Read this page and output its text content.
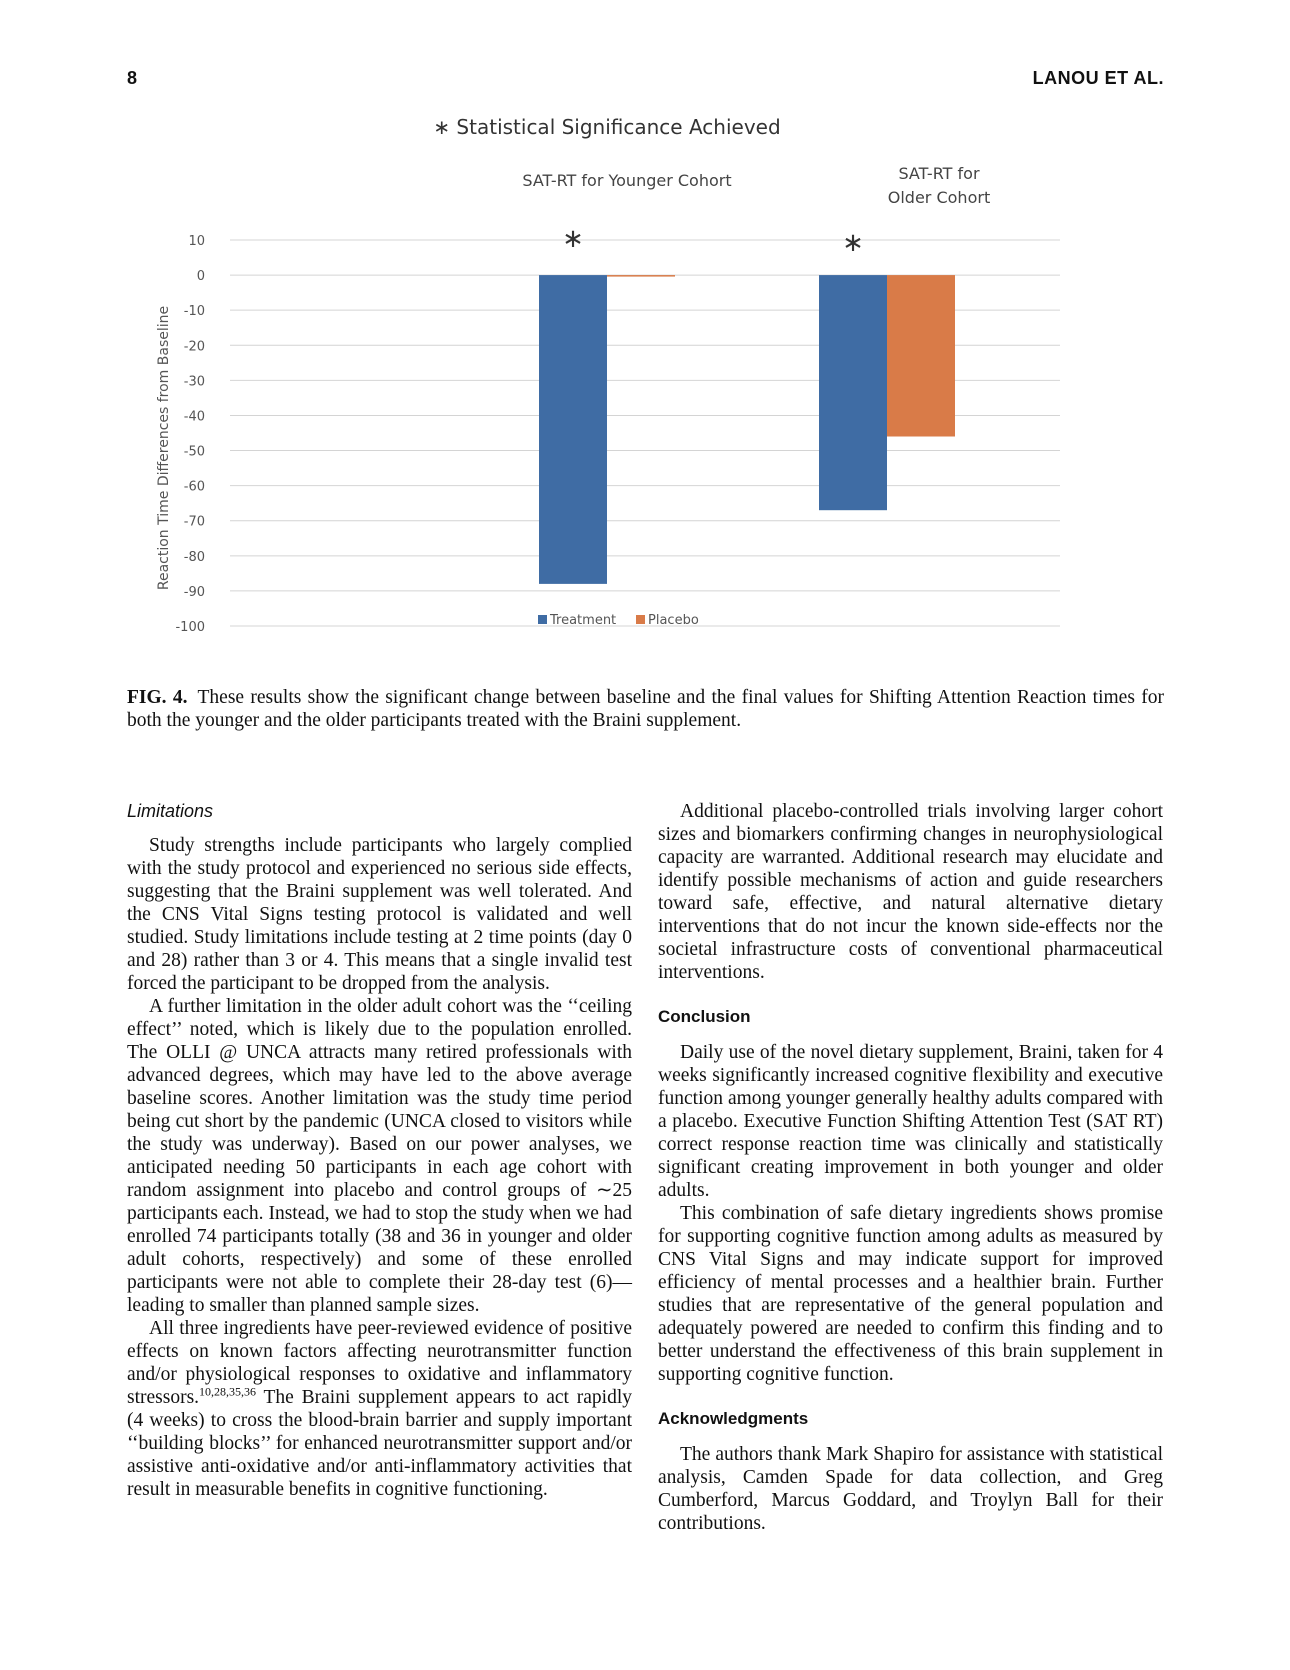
8	LANOU ET AL.
∗ Statistical Significance Achieved
10
0
-10
-20
-30
-40
-50
-60
-70
-80
-90
-100
Reaction Time Differences from Baseline
SAT-RT for Younger Cohort
∗
SAT-RT for
Older Cohort
∗
Treatment Placebo
FIG. 4. These results show the significant change between baseline and the final values for Shifting Attention Reaction times for both the younger and the older participants treated with the Braini supplement.
Limitations

Study strengths include participants who largely complied with the study protocol and experienced no serious side effects, suggesting that the Braini supplement was well tolerated. And the CNS Vital Signs testing protocol is validated and well studied. Study limitations include testing at 2 time points (day 0 and 28) rather than 3 or 4. This means that a single invalid test forced the participant to be dropped from the analysis.

A further limitation in the older adult cohort was the ‘‘ceiling effect’’ noted, which is likely due to the population enrolled. The OLLI @ UNCA attracts many retired professionals with advanced degrees, which may have led to the above average baseline scores. Another limitation was the study time period being cut short by the pandemic (UNCA closed to visitors while the study was underway). Based on our power analyses, we anticipated needing 50 participants in each age cohort with random assignment into placebo and control groups of ∼25 participants each. Instead, we had to stop the study when we had enrolled 74 participants totally (38 and 36 in younger and older adult cohorts, respectively) and some of these enrolled participants were not able to complete their 28-day test (6)—leading to smaller than planned sample sizes.

All three ingredients have peer-reviewed evidence of positive effects on known factors affecting neurotransmitter function and/or physiological responses to oxidative and inflammatory stressors.$^{10,28,35,36}$ The Braini supplement appears to act rapidly (4 weeks) to cross the blood-brain barrier and supply important ‘‘building blocks’’ for enhanced neurotransmitter support and/or assistive anti-oxidative and/or anti-inflammatory activities that result in measurable benefits in cognitive functioning.

Additional placebo-controlled trials involving larger cohort sizes and biomarkers confirming changes in neurophysiological capacity are warranted. Additional research may elucidate and identify possible mechanisms of action and guide researchers toward safe, effective, and natural alternative dietary interventions that do not incur the known side-effects nor the societal infrastructure costs of conventional pharmaceutical interventions.

Conclusion

Daily use of the novel dietary supplement, Braini, taken for 4 weeks significantly increased cognitive flexibility and executive function among younger generally healthy adults compared with a placebo. Executive Function Shifting Attention Test (SAT RT) correct response reaction time was clinically and statistically significant creating improvement in both younger and older adults.

This combination of safe dietary ingredients shows promise for supporting cognitive function among adults as measured by CNS Vital Signs and may indicate support for improved efficiency of mental processes and a healthier brain. Further studies that are representative of the general population and adequately powered are needed to confirm this finding and to better understand the effectiveness of this brain supplement in supporting cognitive function.

Acknowledgments

The authors thank Mark Shapiro for assistance with statistical analysis, Camden Spade for data collection, and Greg Cumberford, Marcus Goddard, and Troylyn Ball for their contributions.
